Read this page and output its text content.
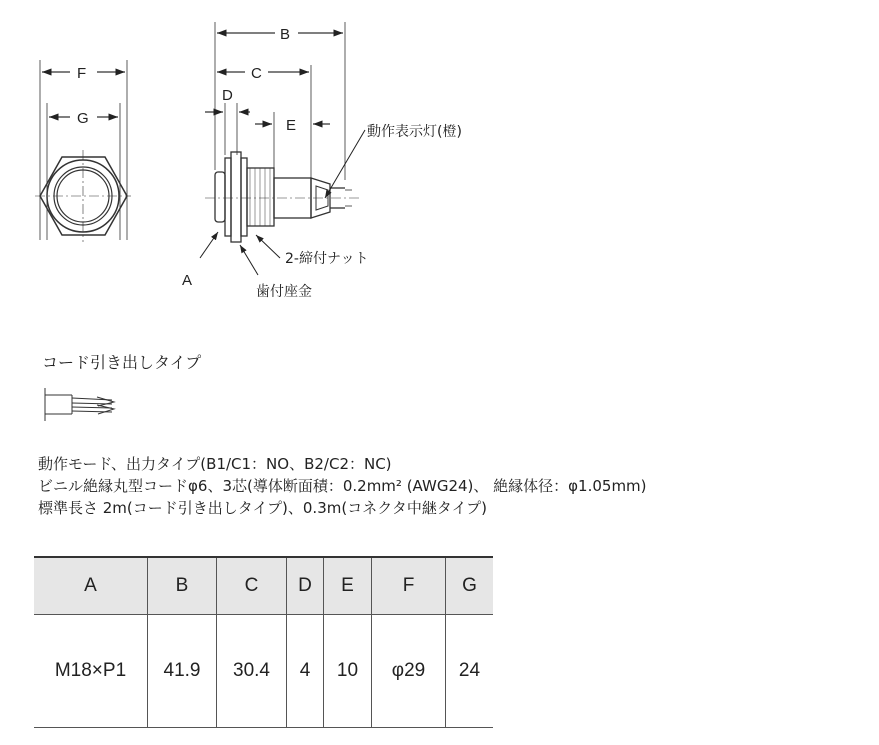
F
G
B
C
D
E	動作表示灯(橙)
2-締付ナット
A
歯付座金
コード引き出しタイプ

動作モード、出力タイプ(B1/C1：NO、B2/C2：NC)

ビニル絶縁丸型コードφ6、3芯(導体断面積：0.2mm² (AWG24)、 絶縁体径：φ1.05mm)

標準長さ 2m(コード引き出しタイプ)、0.3m(コネクタ中継タイプ)

A	B	C	D	E	F	G
M18×P1	41.9	30.4	4	10	φ29	24
